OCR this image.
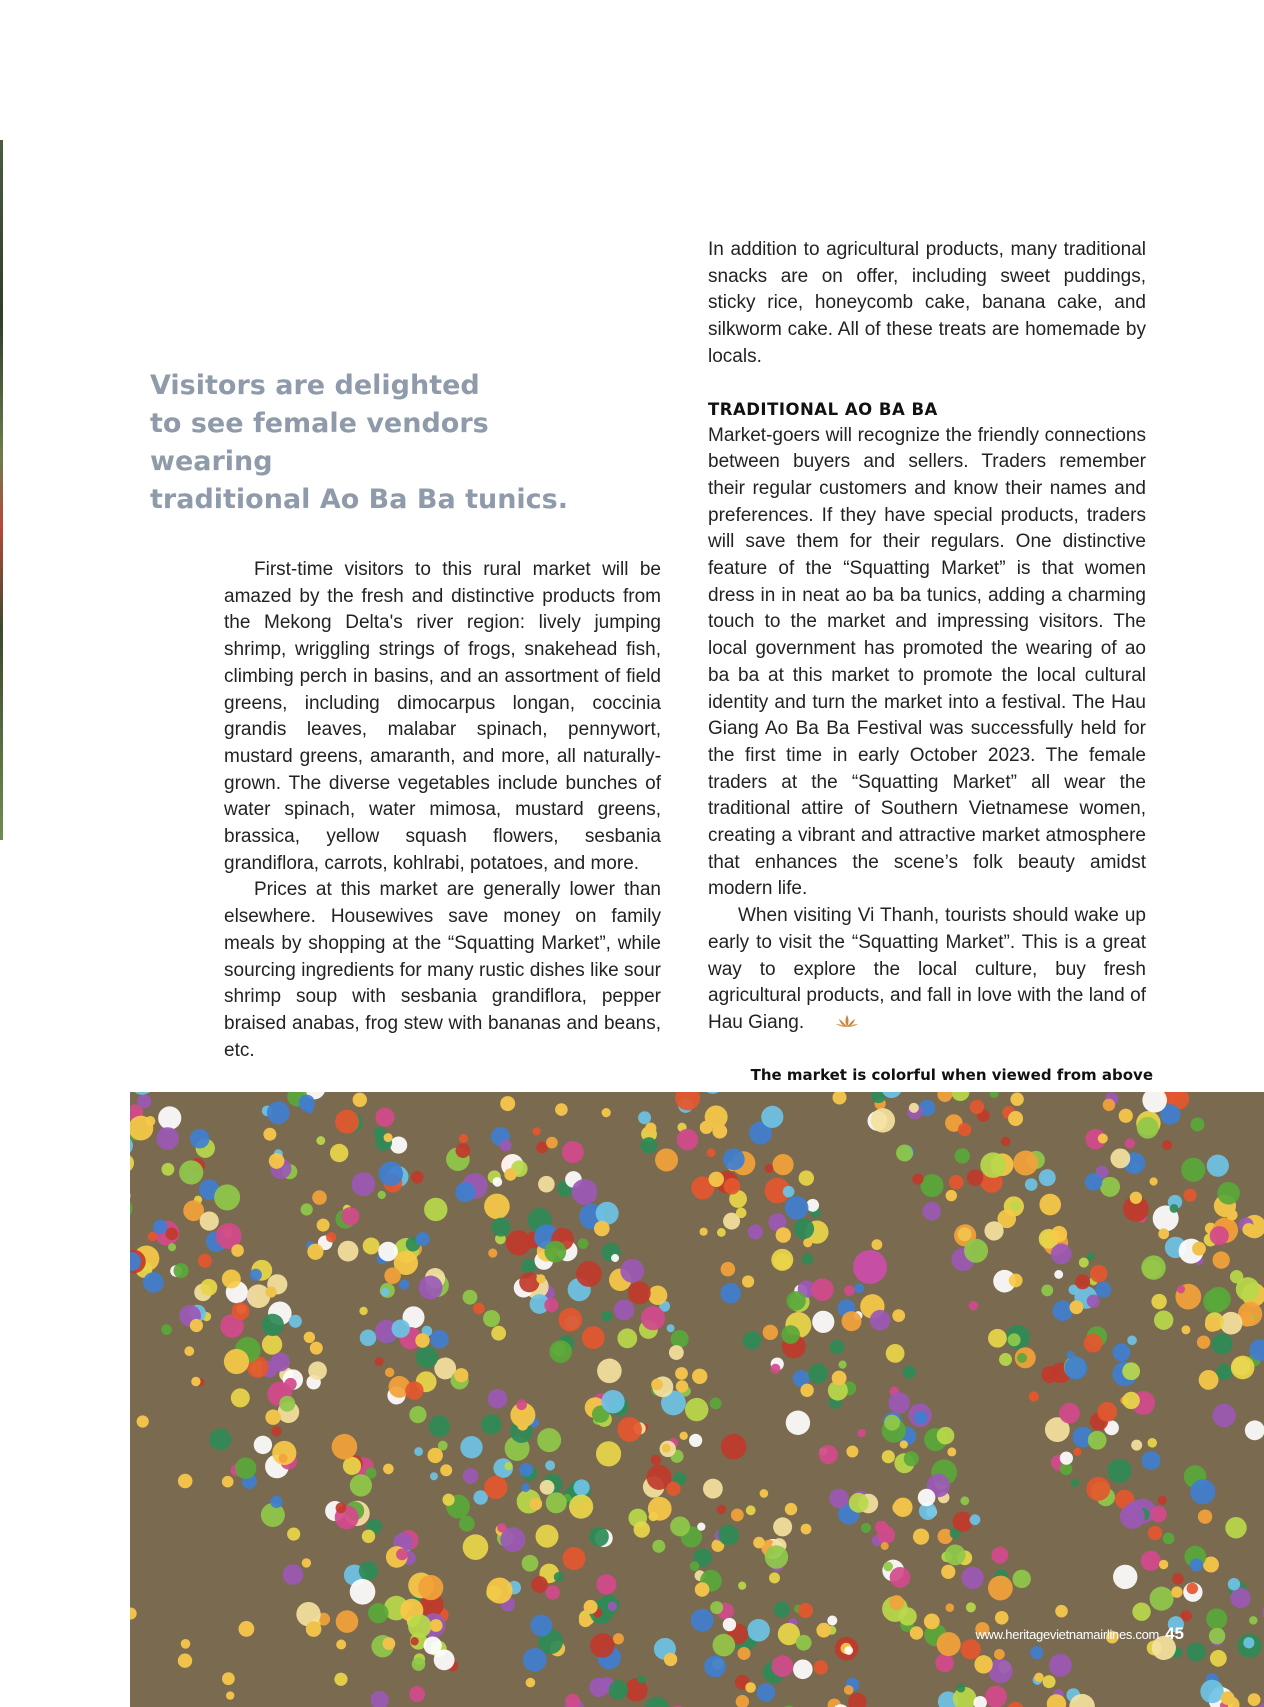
Visitors are delighted
to see female vendors wearing
traditional Ao Ba Ba tunics.

First-time visitors to this rural market will be amazed by the fresh and distinctive products from the Mekong Delta's river region: lively jumping shrimp, wriggling strings of frogs, snakehead fish, climbing perch in basins, and an assortment of field greens, including dimocarpus longan, coccinia grandis leaves, malabar spinach, pennywort, mustard greens, amaranth, and more, all naturally-grown. The diverse vegetables include bunches of water spinach, water mimosa, mustard greens, brassica, yellow squash flowers, sesbania grandiflora, carrots, kohlrabi, potatoes, and more.

Prices at this market are generally lower than elsewhere. Housewives save money on family meals by shopping at the “Squatting Market”, while sourcing ingredients for many rustic dishes like sour shrimp soup with sesbania grandiflora, pepper braised anabas, frog stew with bananas and beans, etc.

In addition to agricultural products, many traditional snacks are on offer, including sweet puddings, sticky rice, honeycomb cake, banana cake, and silkworm cake. All of these treats are homemade by locals.

TRADITIONAL AO BA BA

Market-goers will recognize the friendly connections between buyers and sellers. Traders remember their regular customers and know their names and preferences. If they have special products, traders will save them for their regulars. One distinctive feature of the “Squatting Market” is that women dress in in neat ao ba ba tunics, adding a charming touch to the market and impressing visitors. The local government has promoted the wearing of ao ba ba at this market to promote the local cultural identity and turn the market into a festival. The Hau Giang Ao Ba Ba Festival was successfully held for the first time in early October 2023. The female traders at the “Squatting Market” all wear the traditional attire of Southern Vietnamese women, creating a vibrant and attractive market atmosphere that enhances the scene’s folk beauty amidst modern life.

When visiting Vi Thanh, tourists should wake up early to visit the “Squatting Market”. This is a great way to explore the local culture, buy fresh agricultural products, and fall in love with the land of Hau Giang.

The market is colorful when viewed from above
www.heritagevietnamairlines.com 45
